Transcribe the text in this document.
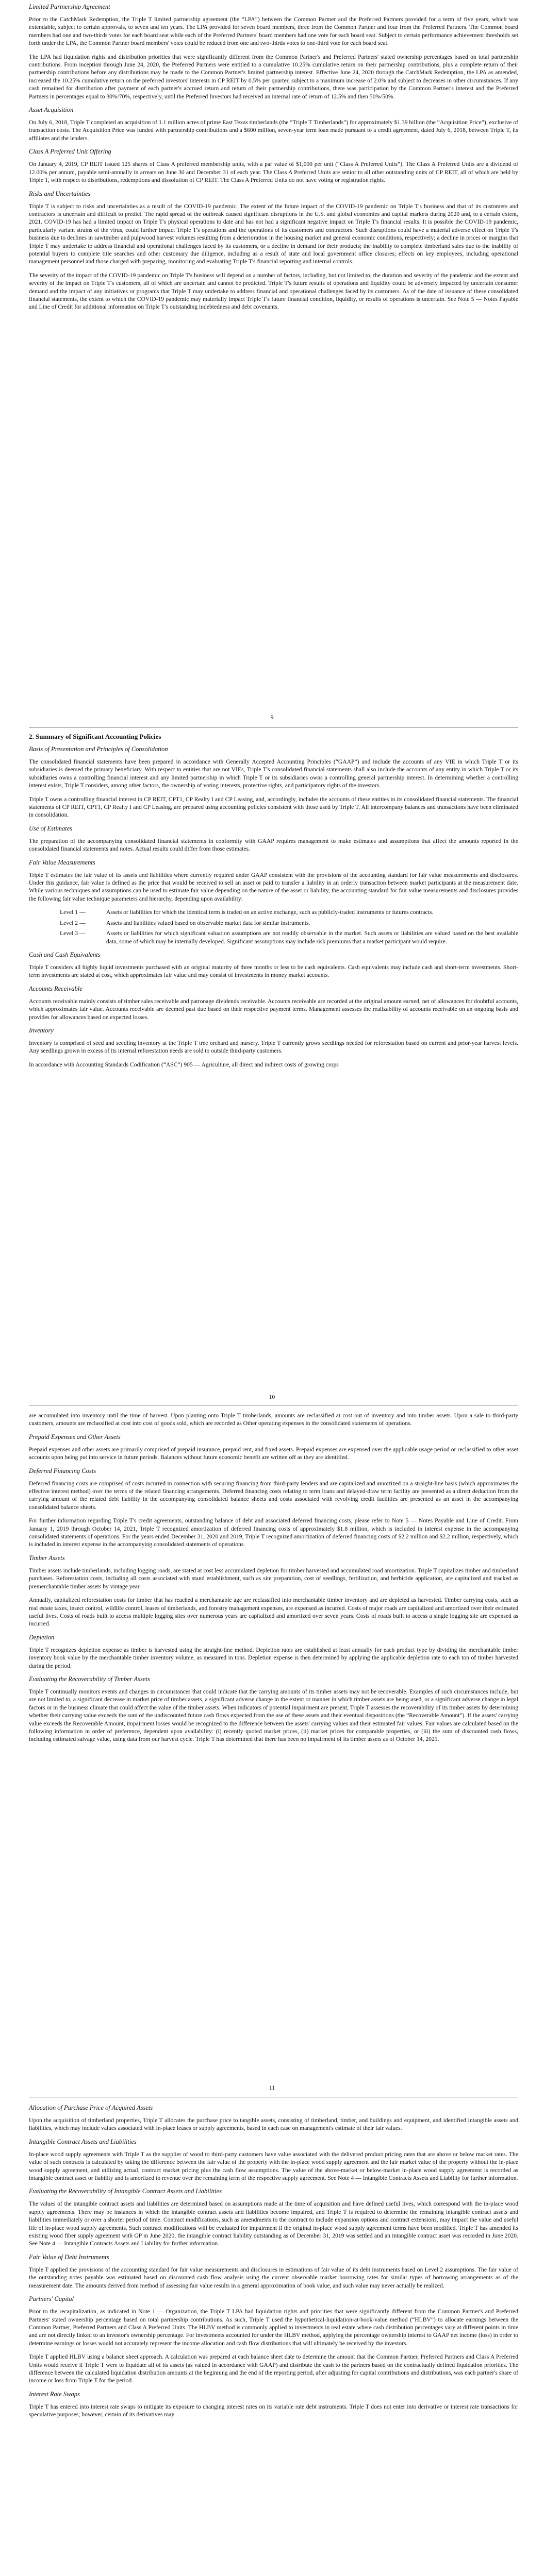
Limited Partnership Agreement

Prior to the CatchMark Redemption, the Triple T limited partnership agreement (the “LPA”) between the Common Partner and the Preferred Partners provided for a term of five years, which was extendable, subject to certain approvals, to seven and ten years. The LPA provided for seven board members, three from the Common Partner and four from the Preferred Partners. The Common board members had one and two-thirds votes for each board seat while each of the Preferred Partners' board members had one vote for each board seat. Subject to certain performance achievement thresholds set forth under the LPA, the Common Partner board members' votes could be reduced from one and two-thirds votes to one-third vote for each board seat.

The LPA had liquidation rights and distribution priorities that were significantly different from the Common Partner's and Preferred Partners' stated ownership percentages based on total partnership contributions. From inception through June 24, 2020, the Preferred Partners were entitled to a cumulative 10.25% cumulative return on their partnership contributions, plus a complete return of their partnership contributions before any distributions may be made to the Common Partner's limited partnership interest. Effective June 24, 2020 through the CatchMark Redemption, the LPA as amended, increased the 10.25% cumulative return on the preferred investors' interests in CP REIT by 0.5% per quarter, subject to a maximum increase of 2.0% and subject to decreases in other circumstances. If any cash remained for distribution after payment of each partner's accrued return and return of their partnership contributions, there was participation by the Common Partner's interest and the Preferred Partners in percentages equal to 30%/70%, respectively, until the Preferred Investors had received an internal rate of return of 12.5% and then 50%/50%.

Asset Acquisition

On July 6, 2018, Triple T completed an acquisition of 1.1 million acres of prime East Texas timberlands (the “Triple T Timberlands”) for approximately $1.39 billion (the “Acquisition Price”), exclusive of transaction costs. The Acquisition Price was funded with partnership contributions and a $600 million, seven-year term loan made pursuant to a credit agreement, dated July 6, 2018, between Triple T, its affiliates and the lenders.

Class A Preferred Unit Offering

On January 4, 2019, CP REIT issued 125 shares of Class A preferred membership units, with a par value of $1,000 per unit (“Class A Preferred Units”). The Class A Preferred Units are a dividend of 12.00% per annum, payable semi-annually in arrears on June 30 and December 31 of each year. The Class A Preferred Units are senior to all other outstanding units of CP REIT, all of which are held by Triple T, with respect to distributions, redemptions and dissolution of CP REIT. The Class A Preferred Units do not have voting or registration rights.

Risks and Uncertainties

Triple T is subject to risks and uncertainties as a result of the COVID-19 pandemic. The extent of the future impact of the COVID-19 pandemic on Triple T's business and that of its customers and contractors is uncertain and difficult to predict. The rapid spread of the outbreak caused significant disruptions in the U.S. and global economies and capital markets during 2020 and, to a certain extent, 2021. COVID-19 has had a limited impact on Triple T's physical operations to date and has not had a significant negative impact on Triple T's financial results. It is possible the COVID-19 pandemic, particularly variant strains of the virus, could further impact Triple T's operations and the operations of its customers and contractors. Such disruptions could have a material adverse effect on Triple T's business due to declines in sawtimber and pulpwood harvest volumes resulting from a deterioration in the housing market and general economic conditions, respectively; a decline in prices or margins that Triple T may undertake to address financial and operational challenges faced by its customers, or a decline in demand for their products; the inability to complete timberland sales due to the inability of potential buyers to complete title searches and other customary due diligence, including as a result of state and local government office closures; effects on key employees, including operational management personnel and those charged with preparing, monitoring and evaluating Triple T's financial reporting and internal controls.

The severity of the impact of the COVID-19 pandemic on Triple T's business will depend on a number of factors, including, but not limited to, the duration and severity of the pandemic and the extent and severity of the impact on Triple T's customers, all of which are uncertain and cannot be predicted. Triple T's future results of operations and liquidity could be adversely impacted by uncertain consumer demand and the impact of any initiatives or programs that Triple T may undertake to address financial and operational challenges faced by its customers. As of the date of issuance of these consolidated financial statements, the extent to which the COVID-19 pandemic may materially impact Triple T's future financial condition, liquidity, or results of operations is uncertain. See Note 5 — Notes Payable and Line of Credit for additional information on Triple T's outstanding indebtedness and debt covenants.

9
2. Summary of Significant Accounting Policies
Basis of Presentation and Principles of Consolidation

The consolidated financial statements have been prepared in accordance with Generally Accepted Accounting Principles (“GAAP”) and include the accounts of any VIE in which Triple T or its subsidiaries is deemed the primary beneficiary. With respect to entities that are not VIEs, Triple T's consolidated financial statements shall also include the accounts of any entity in which Triple T or its subsidiaries owns a controlling financial interest and any limited partnership in which Triple T or its subsidiaries owns a controlling general partnership interest. In determining whether a controlling interest exists, Triple T considers, among other factors, the ownership of voting interests, protective rights, and participatory rights of the investors.

Triple T owns a controlling financial interest in CP REIT, CPT1, CP Realty I and CP Leasing, and, accordingly, includes the accounts of these entities in its consolidated financial statements. The financial statements of CP REIT, CPT1, CP Realty I and CP Leasing, are prepared using accounting policies consistent with those used by Triple T. All intercompany balances and transactions have been eliminated in consolidation.

Use of Estimates

The preparation of the accompanying consolidated financial statements in conformity with GAAP requires management to make estimates and assumptions that affect the amounts reported in the consolidated financial statements and notes. Actual results could differ from those estimates.

Fair Value Measurements

Triple T estimates the fair value of its assets and liabilities where currently required under GAAP consistent with the provisions of the accounting standard for fair value measurements and disclosures. Under this guidance, fair value is defined as the price that would be received to sell an asset or paid to transfer a liability in an orderly transaction between market participants at the measurement date. While various techniques and assumptions can be used to estimate fair value depending on the nature of the asset or liability, the accounting standard for fair value measurements and disclosures provides the following fair value technique parameters and hierarchy, depending upon availability:

Level 1 —	Assets or liabilities for which the identical term is traded on an active exchange, such as publicly-traded instruments or futures contracts.
Level 2 —	Assets and liabilities valued based on observable market data for similar instruments.
Level 3 —	Assets or liabilities for which significant valuation assumptions are not readily observable in the market. Such assets or liabilities are valued based on the best available data, some of which may be internally developed. Significant assumptions may include risk premiums that a market participant would require.
Cash and Cash Equivalents

Triple T considers all highly liquid investments purchased with an original maturity of three months or less to be cash equivalents. Cash equivalents may include cash and short-term investments. Short-term investments are stated at cost, which approximates fair value and may consist of investments in money market accounts.

Accounts Receivable

Accounts receivable mainly consists of timber sales receivable and patronage dividends receivable. Accounts receivable are recorded at the original amount earned, net of allowances for doubtful accounts, which approximates fair value. Accounts receivable are deemed past due based on their respective payment terms. Management assesses the realizability of accounts receivable on an ongoing basis and provides for allowances based on expected losses.

Inventory

Inventory is comprised of seed and seedling inventory at the Triple T tree orchard and nursery. Triple T currently grows seedlings needed for reforestation based on current and prior-year harvest levels. Any seedlings grown in excess of its internal reforestation needs are sold to outside third-party customers.

In accordance with Accounting Standards Codification (“ASC”) 905 — Agriculture, all direct and indirect costs of growing crops

10

are accumulated into inventory until the time of harvest. Upon planting onto Triple T timberlands, amounts are reclassified at cost out of inventory and into timber assets. Upon a sale to third-party customers, amounts are reclassified at cost into cost of goods sold, which are recorded as Other operating expenses in the consolidated statements of operations.

Prepaid Expenses and Other Assets

Prepaid expenses and other assets are primarily comprised of prepaid insurance, prepaid rent, and fixed assets. Prepaid expenses are expensed over the applicable usage period or reclassified to other asset accounts upon being put into service in future periods. Balances without future economic benefit are written off as they are identified.

Deferred Financing Costs

Deferred financing costs are comprised of costs incurred in connection with securing financing from third-party lenders and are capitalized and amortized on a straight-line basis (which approximates the effective interest method) over the terms of the related financing arrangements. Deferred financing costs relating to term loans and delayed-draw term facility are presented as a direct deduction from the carrying amount of the related debt liability in the accompanying consolidated balance sheets and costs associated with revolving credit facilities are presented as an asset in the accompanying consolidated balance sheets.

For further information regarding Triple T's credit agreements, outstanding balance of debt and associated deferred financing costs, please refer to Note 5 — Notes Payable and Line of Credit. From January 1, 2019 through October 14, 2021, Triple T recognized amortization of deferred financing costs of approximately $1.8 million, which is included in interest expense in the accompanying consolidated statements of operations. For the years ended December 31, 2020 and 2019, Triple T recognized amortization of deferred financing costs of $2.2 million and $2.2 million, respectively, which is included in interest expense in the accompanying consolidated statements of operations.

Timber Assets

Timber assets include timberlands, including logging roads, are stated at cost less accumulated depletion for timber harvested and accumulated road amortization. Triple T capitalizes timber and timberland purchases. Reforestation costs, including all costs associated with stand establishment, such as site preparation, cost of seedlings, fertilization, and herbicide application, are capitalized and tracked as premerchantable timber assets by vintage year.

Annually, capitalized reforestation costs for timber that has reached a merchantable age are reclassified into merchantable timber inventory and are depleted as harvested. Timber carrying costs, such as real estate taxes, insect control, wildlife control, leases of timberlands, and forestry management expenses, are expensed as incurred. Costs of major roads are capitalized and amortized over their estimated useful lives. Costs of roads built to access multiple logging sites over numerous years are capitalized and amortized over seven years. Costs of roads built to access a single logging site are expensed as incurred.

Depletion

Triple T recognizes depletion expense as timber is harvested using the straight-line method. Depletion rates are established at least annually for each product type by dividing the merchantable timber inventory book value by the merchantable timber inventory volume, as measured in tons. Depletion expense is then determined by applying the applicable depletion rate to each ton of timber harvested during the period.

Evaluating the Recoverability of Timber Assets

Triple T continually monitors events and changes in circumstances that could indicate that the carrying amounts of its timber assets may not be recoverable. Examples of such circumstances include, but are not limited to, a significant decrease in market price of timber assets, a significant adverse change in the extent or manner in which timber assets are being used, or a significant adverse change in legal factors or in the business climate that could affect the value of the timber assets. When indicators of potential impairment are present, Triple T assesses the recoverability of its timber assets by determining whether their carrying value exceeds the sum of the undiscounted future cash flows expected from the use of these assets and their eventual dispositions (the “Recoverable Amount”). If the assets' carrying value exceeds the Recoverable Amount, impairment losses would be recognized to the difference between the assets' carrying values and their estimated fair values. Fair values are calculated based on the following information in order of preference, dependent upon availability: (i) recently quoted market prices, (ii) market prices for comparable properties, or (iii) the sum of discounted cash flows, including estimated salvage value, using data from our harvest cycle. Triple T has determined that there has been no impairment of its timber assets as of October 14, 2021.

11
Allocation of Purchase Price of Acquired Assets

Upon the acquisition of timberland properties, Triple T allocates the purchase price to tangible assets, consisting of timberland, timber, and buildings and equipment, and identified intangible assets and liabilities, which may include values associated with in-place leases or supply agreements, based in each case on management's estimate of their fair values.

Intangible Contract Assets and Liabilities

In-place wood supply agreements with Triple T as the supplier of wood to third-party customers have value associated with the delivered product pricing rates that are above or below market rates. The value of such contracts is calculated by taking the difference between the fair value of the property with the in-place wood supply agreement and the fair market value of the property without the in-place wood supply agreement, and utilizing actual, contract market pricing plus the cash flow assumptions. The value of the above-market or below-market in-place wood supply agreement is recorded as intangible contract asset or liability and is amortized to revenue over the remaining term of the respective supply agreement. See Note 4 — Intangible Contracts Assets and Liability for further information.

Evaluating the Recoverability of Intangible Contract Assets and Liabilities

The values of the intangible contract assets and liabilities are determined based on assumptions made at the time of acquisition and have defined useful lives, which correspond with the in-place wood supply agreements. There may be instances in which the intangible contract assets and liabilities become impaired, and Triple T is required to determine the remaining intangible contract assets and liabilities immediately or over a shorter period of time. Contract modifications, such as amendments to the contract to include expansion options and contract extensions, may impact the value and useful life of in-place wood supply agreements. Such contract modifications will be evaluated for impairment if the original in-place wood supply agreement terms have been modified. Triple T has amended its existing wood fiber supply agreement with GP in June 2020, the intangible contract liability outstanding as of December 31, 2019 was settled and an intangible contract asset was recorded in June 2020. See Note 4 — Intangible Contracts Assets and Liability for further information.

Fair Value of Debt Instruments

Triple T applied the provisions of the accounting standard for fair value measurements and disclosures in estimations of fair value of its debt instruments based on Level 2 assumptions. The fair value of the outstanding notes payable was estimated based on discounted cash flow analysis using the current observable market borrowing rates for similar types of borrowing arrangements as of the measurement date. The amounts derived from method of assessing fair value results in a general approximation of book value, and such value may never actually be realized.

Partners' Capital

Prior to the recapitalization, as indicated in Note 1 — Organization, the Triple T LPA had liquidation rights and priorities that were significantly different from the Common Partner's and Preferred Partners' stated ownership percentage based on total partnership contributions. As such, Triple T used the hypothetical-liquidation-at-book-value method (“HLBV”) to allocate earnings between the Common Partner, Preferred Partners and Class A Preferred Units. The HLBV method is commonly applied to investments in real estate where cash distribution percentages vary at different points in time and are not directly linked to an investor's ownership percentage. For investments accounted for under the HLBV method, applying the percentage ownership interest to GAAP net income (loss) in order to determine earnings or losses would not accurately represent the income allocation and cash flow distributions that will ultimately be received by the investors.

Triple T applied HLBV using a balance sheet approach. A calculation was prepared at each balance sheet date to determine the amount that the Common Partner, Preferred Partners and Class A Preferred Units would receive if Triple T were to liquidate all of its assets (as valued in accordance with GAAP) and distribute the cash to the partners based on the contractually defined liquidation priorities. The difference between the calculated liquidation distribution amounts at the beginning and the end of the reporting period, after adjusting for capital contributions and distributions, was each partner's share of income or loss from Triple T for the period.

Interest Rate Swaps

Triple T has entered into interest rate swaps to mitigate its exposure to changing interest rates on its variable rate debt instruments. Triple T does not enter into derivative or interest rate transactions for speculative purposes; however, certain of its derivatives may
